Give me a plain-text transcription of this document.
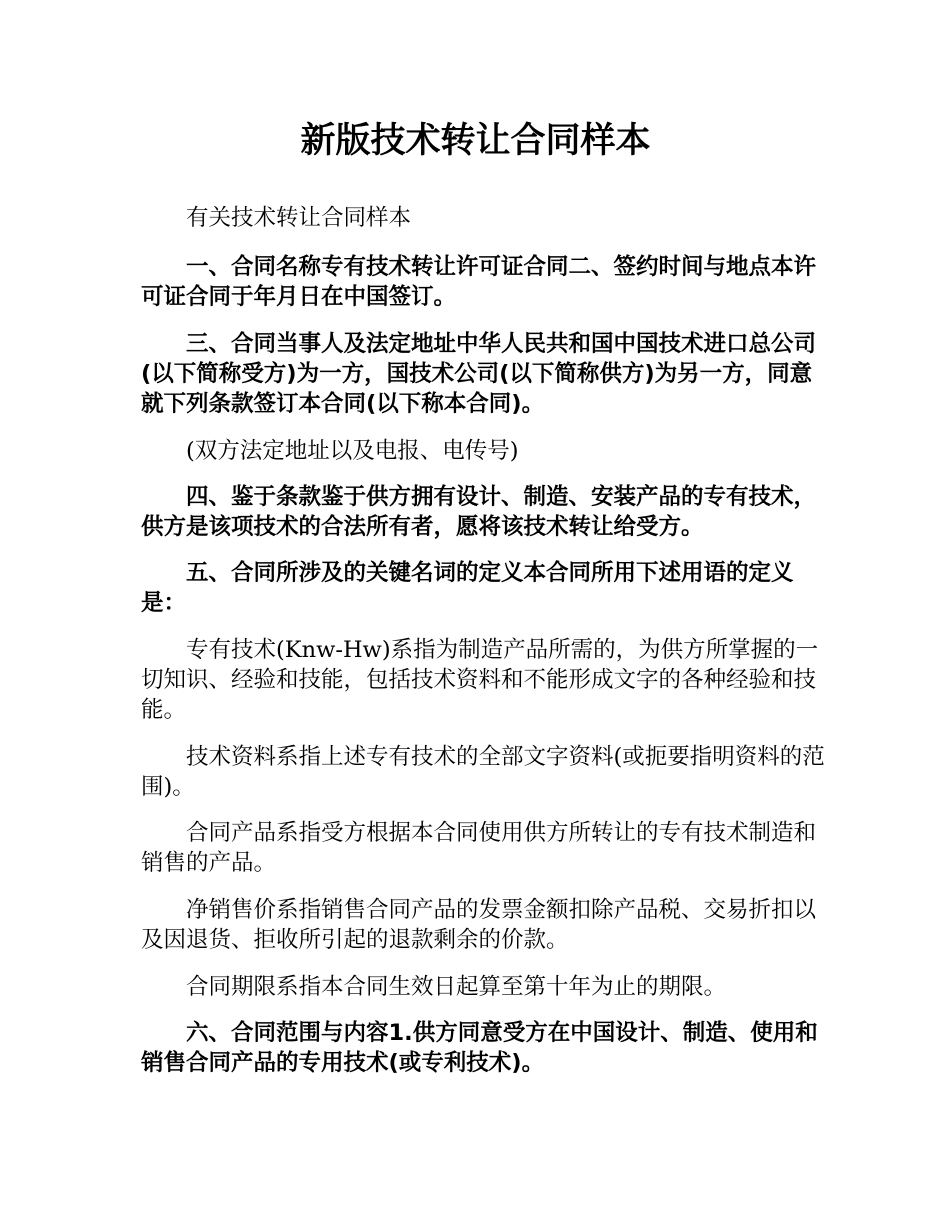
新版技术转让合同样本

有关技术转让合同样本

一、合同名称专有技术转让许可证合同二、签约时间与地点本许可证合同于年月日在中国签订。

三、合同当事人及法定地址中华人民共和国中国技术进口总公司(以下简称受方)为一方，国技术公司(以下简称供方)为另一方，同意就下列条款签订本合同(以下称本合同)。

(双方法定地址以及电报、电传号)

四、鉴于条款鉴于供方拥有设计、制造、安装产品的专有技术，供方是该项技术的合法所有者，愿将该技术转让给受方。

五、合同所涉及的关键名词的定义本合同所用下述用语的定义是：

专有技术(Knw-Hw)系指为制造产品所需的，为供方所掌握的一切知识、经验和技能，包括技术资料和不能形成文字的各种经验和技能。

技术资料系指上述专有技术的全部文字资料(或扼要指明资料的范围)。

合同产品系指受方根据本合同使用供方所转让的专有技术制造和销售的产品。

净销售价系指销售合同产品的发票金额扣除产品税、交易折扣以及因退货、拒收所引起的退款剩余的价款。

合同期限系指本合同生效日起算至第十年为止的期限。

六、合同范围与内容1.供方同意受方在中国设计、制造、使用和销售合同产品的专用技术(或专利技术)。
